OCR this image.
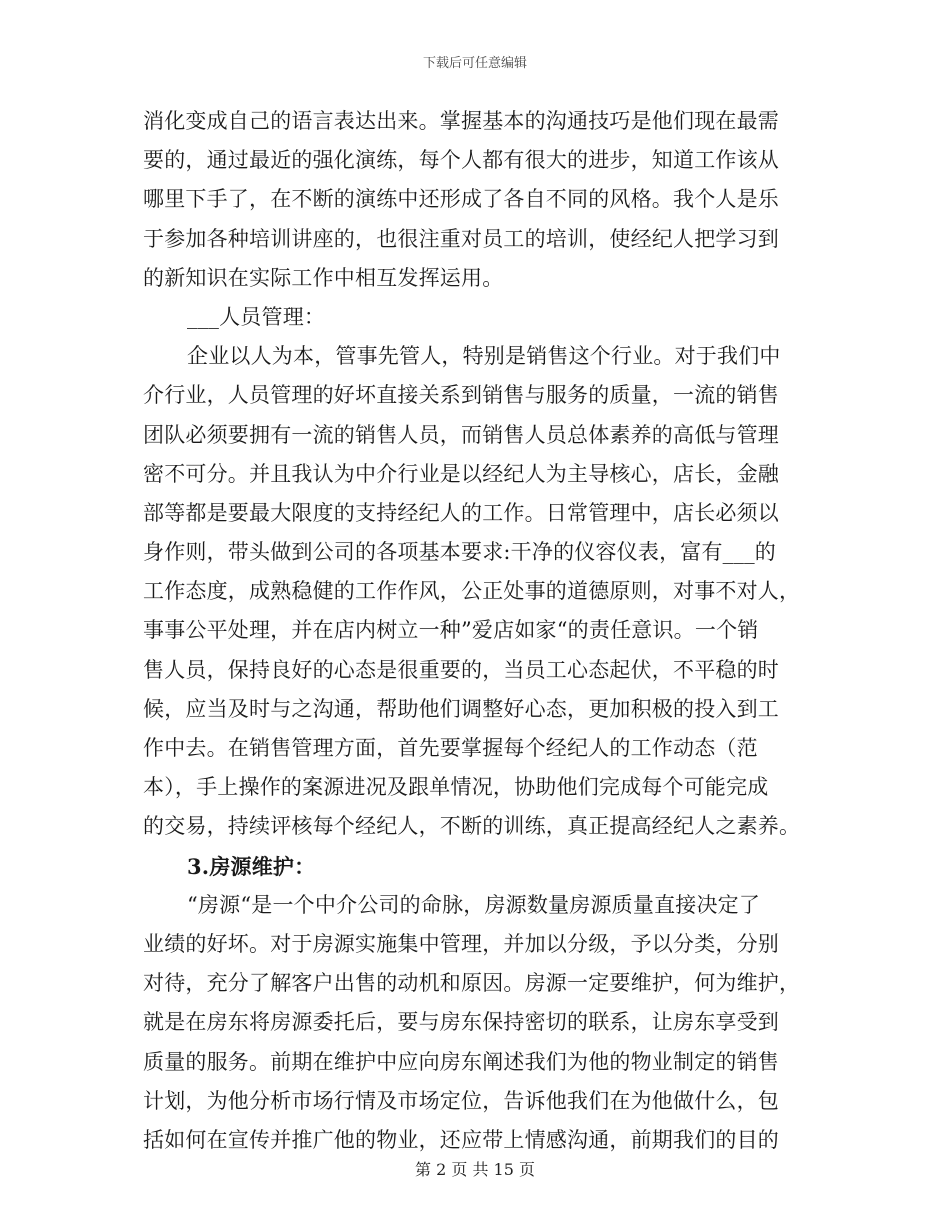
下载后可任意编辑
消化变成自己的语言表达出来。掌握基本的沟通技巧是他们现在最需
要的，通过最近的强化演练，每个人都有很大的进步，知道工作该从
哪里下手了，在不断的演练中还形成了各自不同的风格。我个人是乐
于参加各种培训讲座的，也很注重对员工的培训，使经纪人把学习到
的新知识在实际工作中相互发挥运用。
___人员管理：
企业以人为本，管事先管人，特别是销售这个行业。对于我们中
介行业，人员管理的好坏直接关系到销售与服务的质量，一流的销售
团队必须要拥有一流的销售人员，而销售人员总体素养的高低与管理
密不可分。并且我认为中介行业是以经纪人为主导核心，店长，金融
部等都是要最大限度的支持经纪人的工作。日常管理中，店长必须以
身作则，带头做到公司的各项基本要求:干净的仪容仪表，富有___的
工作态度，成熟稳健的工作作风，公正处事的道德原则，对事不对人，
事事公平处理，并在店内树立一种”爱店如家“的责任意识。一个销
售人员，保持良好的心态是很重要的，当员工心态起伏，不平稳的时
候，应当及时与之沟通，帮助他们调整好心态，更加积极的投入到工
作中去。在销售管理方面，首先要掌握每个经纪人的工作动态（范
本），手上操作的案源进况及跟单情况，协助他们完成每个可能完成
的交易，持续评核每个经纪人，不断的训练，真正提高经纪人之素养。
3.房源维护：
“房源“是一个中介公司的命脉，房源数量房源质量直接决定了
业绩的好坏。对于房源实施集中管理，并加以分级，予以分类，分别
对待，充分了解客户出售的动机和原因。房源一定要维护，何为维护，
就是在房东将房源委托后，要与房东保持密切的联系，让房东享受到
质量的服务。前期在维护中应向房东阐述我们为他的物业制定的销售
计划，为他分析市场行情及市场定位，告诉他我们在为他做什么，包
括如何在宣传并推广他的物业，还应带上情感沟通，前期我们的目的
第 2 页 共 15 页
